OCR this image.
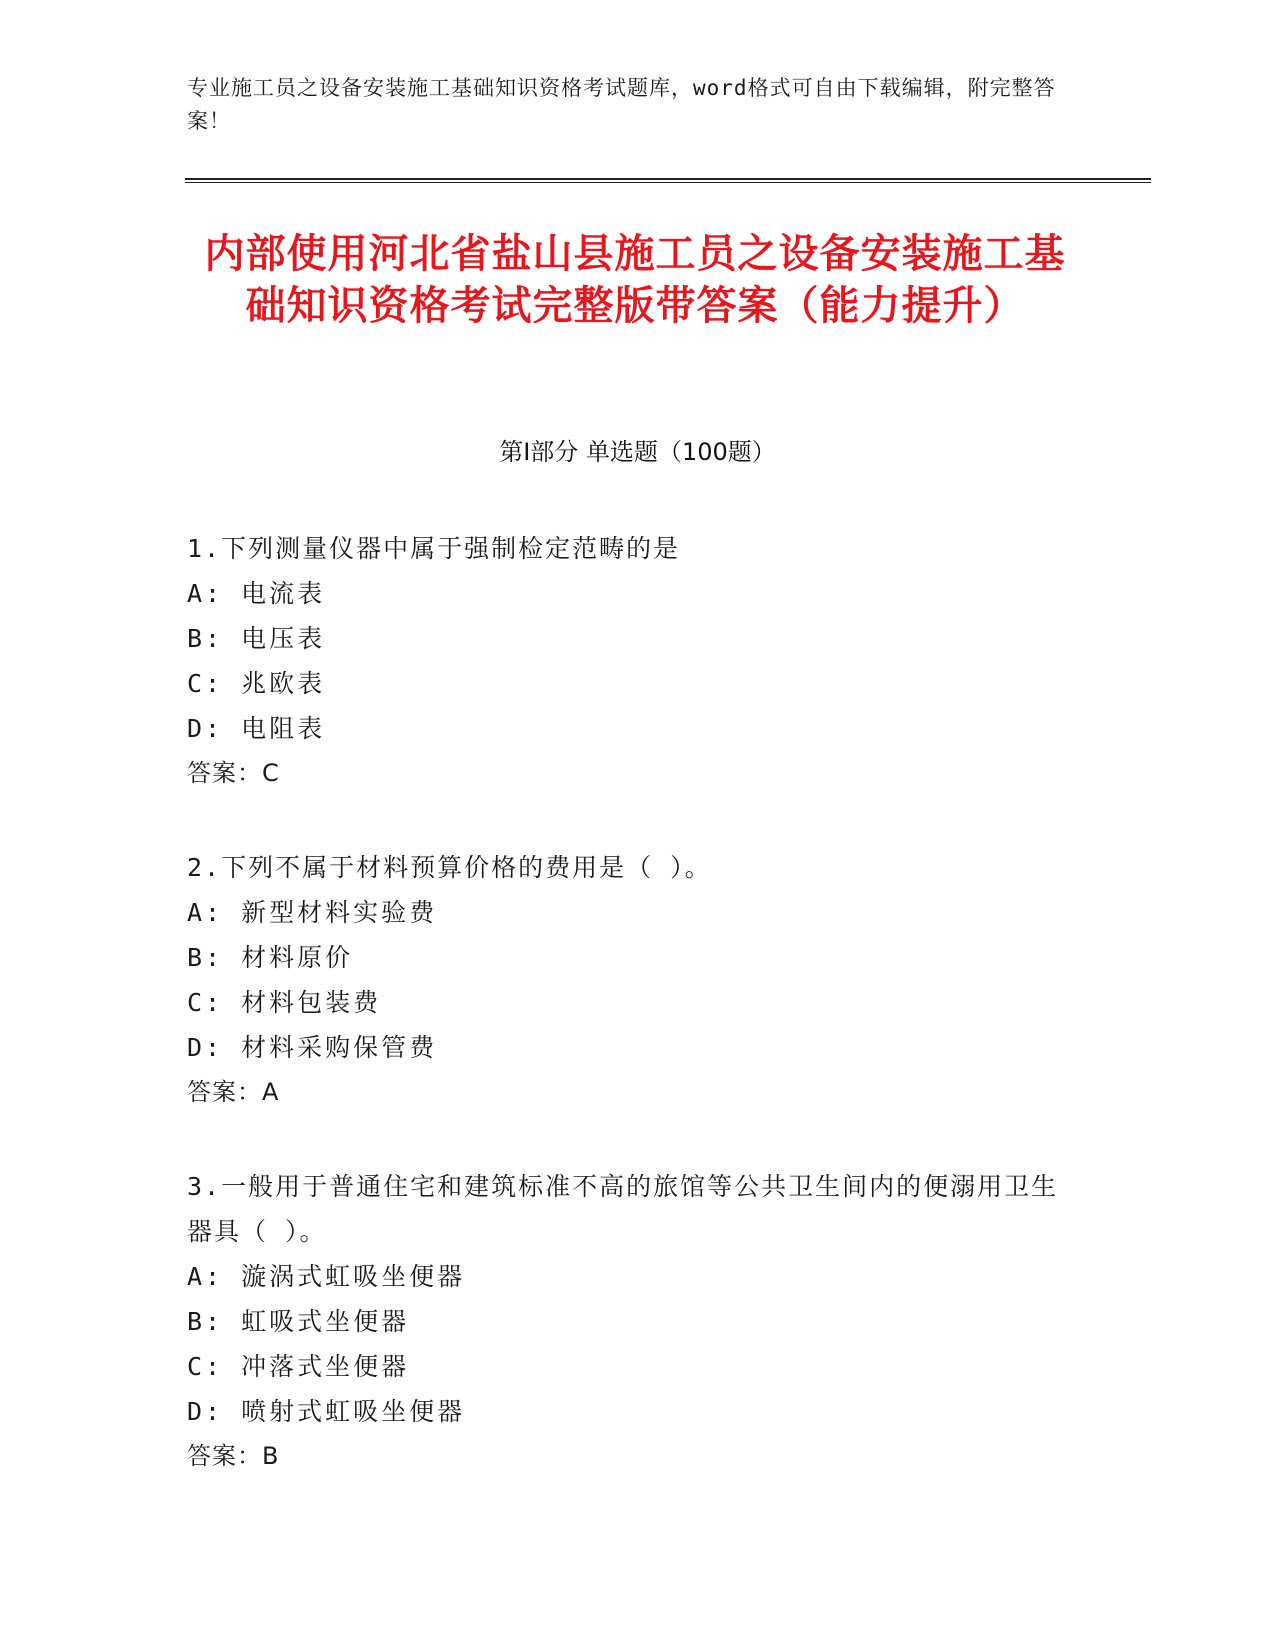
专业施工员之设备安装施工基础知识资格考试题库，word格式可自由下载编辑，附完整答案！
内部使用河北省盐山县施工员之设备安装施工基础知识资格考试完整版带答案（能力提升）
第Ⅰ部分 单选题（100题）
1.下列测量仪器中属于强制检定范畴的是
A: 电流表
B: 电压表
C: 兆欧表
D: 电阻表
答案：C
2.下列不属于材料预算价格的费用是（ ）。
A: 新型材料实验费
B: 材料原价
C: 材料包装费
D: 材料采购保管费
答案：A
3.一般用于普通住宅和建筑标准不高的旅馆等公共卫生间内的便溺用卫生器具（ ）。
A: 漩涡式虹吸坐便器
B: 虹吸式坐便器
C: 冲落式坐便器
D: 喷射式虹吸坐便器
答案：B
